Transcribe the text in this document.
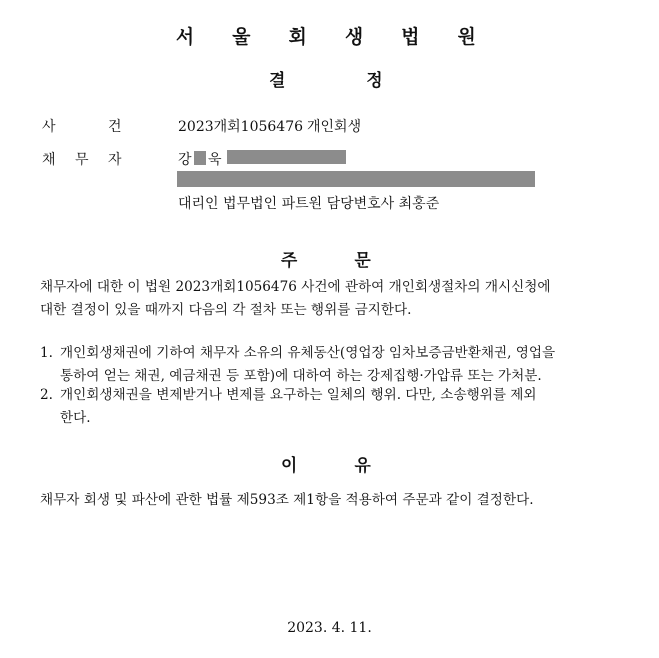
서 울 회 생 법 원
결	정
사	건	2023개회1056476 개인회생
채 무 자	강 욱
대리인 법무법인 파트원 담당변호사 최홍준
주	문
채무자에 대한 이 법원 2023개회1056476 사건에 관하여 개인회생절차의 개시신청에
대한 결정이 있을 때까지 다음의 각 절차 또는 행위를 금지한다.
1. 개인회생채권에 기하여 채무자 소유의 유체동산(영업장 임차보증금반환채권, 영업을
통하여 얻는 채권, 예금채권 등 포함)에 대하여 하는 강제집행·가압류 또는 가처분.
2. 개인회생채권을 변제받거나 변제를 요구하는 일체의 행위. 다만, 소송행위를 제외
한다.
이	유
채무자 회생 및 파산에 관한 법률 제593조 제1항을 적용하여 주문과 같이 결정한다.
2023. 4. 11.
